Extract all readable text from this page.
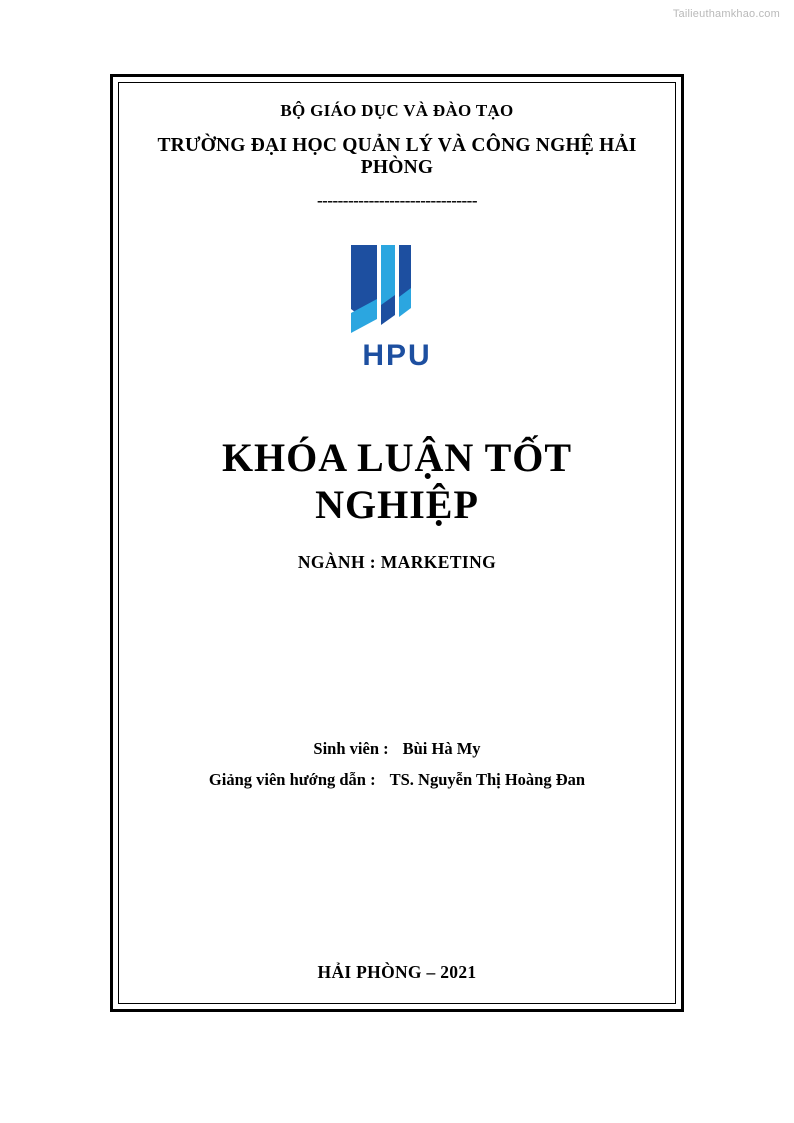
Tailieuthamkhao.com
BỘ GIÁO DỤC VÀ ĐÀO TẠO
TRƯỜNG ĐẠI HỌC QUẢN LÝ VÀ CÔNG NGHỆ HẢI PHÒNG
-------------------------------
HPU
KHÓA LUẬN TỐT NGHIỆP
NGÀNH : MARKETING
Sinh viên : Bùi Hà My
Giảng viên hướng dẫn : TS. Nguyễn Thị Hoàng Đan
HẢI PHÒNG – 2021
